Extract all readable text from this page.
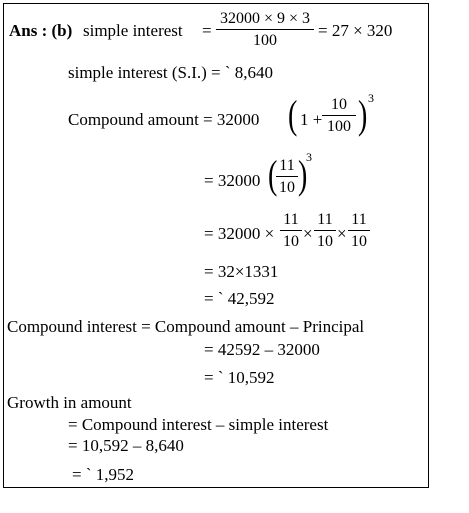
Ans : (b) simple interest =
32000 × 9 × 3
100
= 27 × 320
simple interest (S.I.) = ` 8,640
Compound amount = 32000 ( 1 +
10
100 ) 3
= 32000 ( 11
10 )
3
= 32000 ×
11
10 ×
11
10 ×
11
10
= 32×1331
= ` 42,592
Compound interest = Compound amount – Principal
= 42592 – 32000
= ` 10,592
Growth in amount
= Compound interest – simple interest
= 10,592 – 8,640
= ` 1,952
